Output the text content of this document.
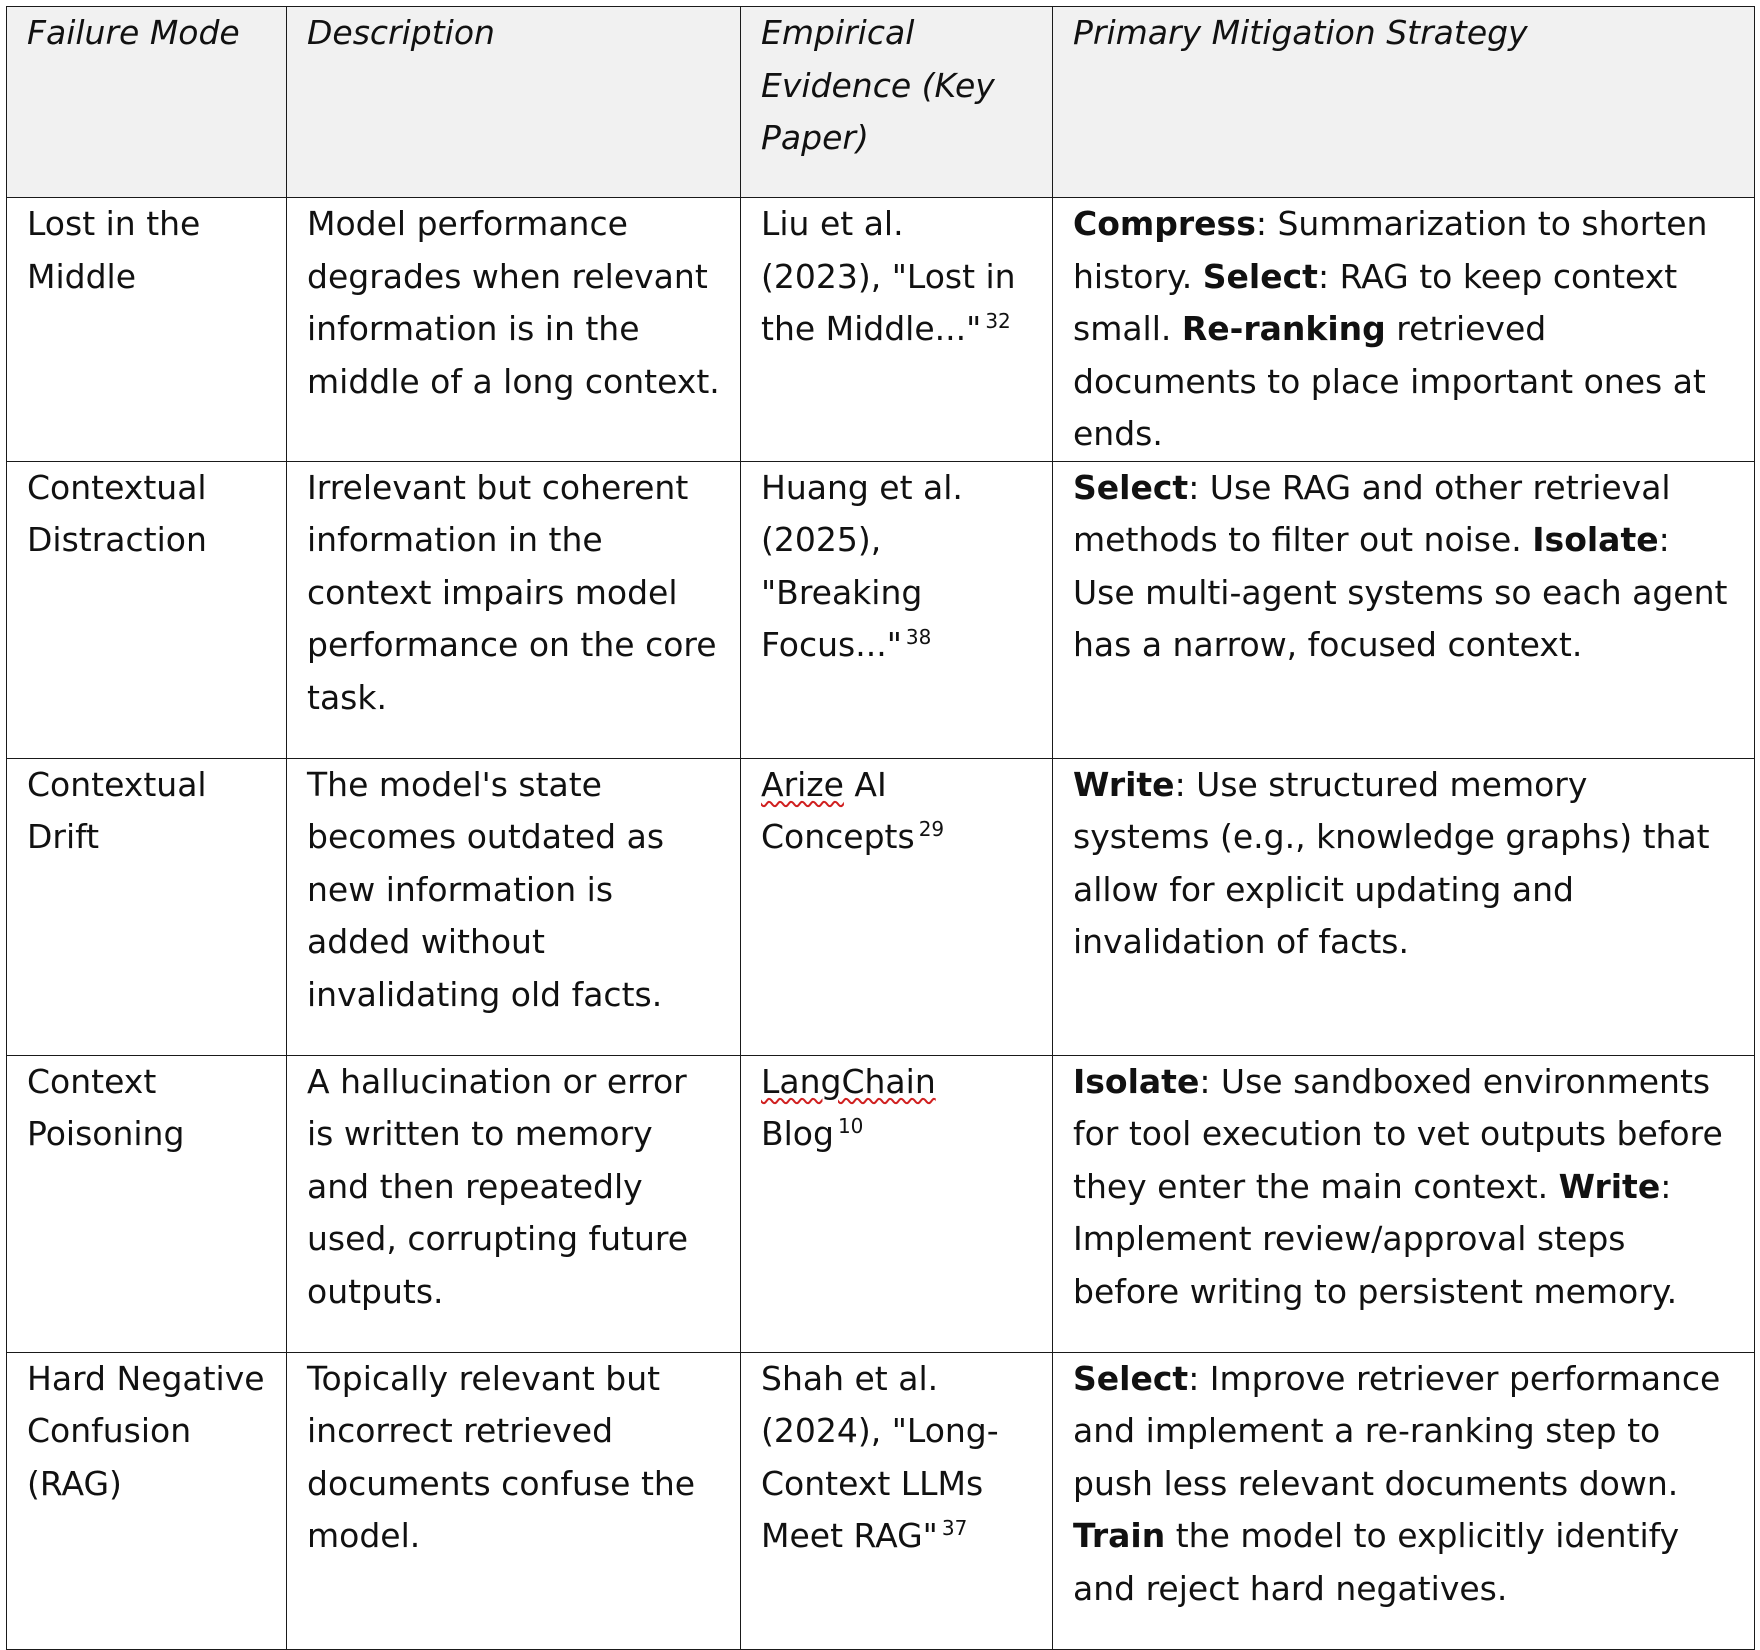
Failure Mode	Description	Empirical Evidence (Key Paper)	Primary Mitigation Strategy
Lost in the Middle	Model performance degrades when relevant information is in the middle of a long context.	Liu et al. (2023), "Lost in the Middle..." $^{32}$	Compress: Summarization to shorten history. Select: RAG to keep context small. Re-ranking retrieved documents to place important ones at ends.
Contextual Distraction	Irrelevant but coherent information in the context impairs model performance on the core task.	Huang et al. (2025), "Breaking Focus..." $^{38}$	Select: Use RAG and other retrieval methods to filter out noise. Isolate: Use multi-agent systems so each agent has a narrow, focused context.
Contextual Drift	The model's state becomes outdated as new information is added without invalidating old facts.	Arize AI Concepts $^{29}$	Write: Use structured memory systems (e.g., knowledge graphs) that allow for explicit updating and invalidation of facts.
Context Poisoning	A hallucination or error is written to memory and then repeatedly used, corrupting future outputs.	LangChain Blog $^{10}$	Isolate: Use sandboxed environments for tool execution to vet outputs before they enter the main context. Write: Implement review/approval steps before writing to persistent memory.
Hard Negative Confusion (RAG)	Topically relevant but incorrect retrieved documents confuse the model.	Shah et al. (2024), "Long-Context LLMs Meet RAG" $^{37}$	Select: Improve retriever performance and implement a re-ranking step to push less relevant documents down. Train the model to explicitly identify and reject hard negatives.
